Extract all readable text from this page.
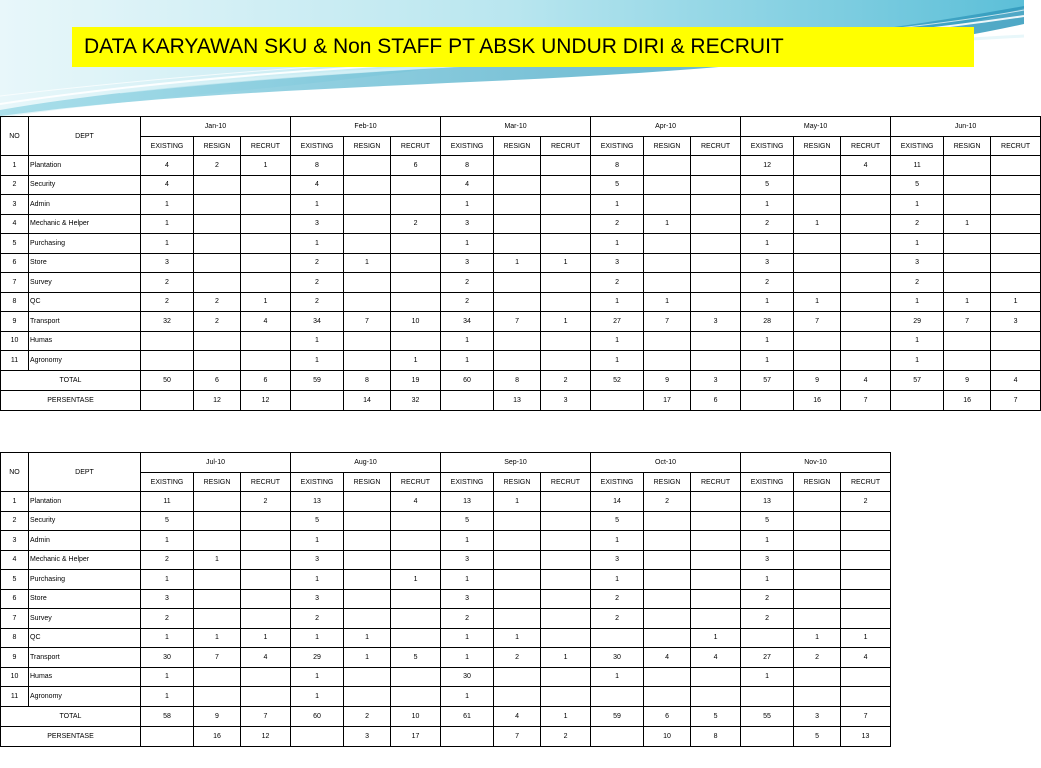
DATA KARYAWAN SKU & Non STAFF PT ABSK UNDUR DIRI & RECRUIT
NO	DEPT	Jan-10			Feb-10			Mar-10			Apr-10			May-10			Jun-10		
		EXISTING	RESIGN	RECRUT	EXISTING	RESIGN	RECRUT	EXISTING	RESIGN	RECRUT	EXISTING	RESIGN	RECRUT	EXISTING	RESIGN	RECRUT	EXISTING	RESIGN	RECRUT
1	Plantation	4	2	1	8		6	8			8			12		4	11		
2	Security	4			4			4			5			5			5		
3	Admin	1			1			1			1			1			1		
4	Mechanic & Helper	1			3		2	3			2	1		2	1		2	1	
5	Purchasing	1			1			1			1			1			1		
6	Store	3			2	1		3	1	1	3			3			3		
7	Survey	2			2			2			2			2			2		
8	QC	2	2	1	2			2			1	1		1	1		1	1	1
9	Transport	32	2	4	34	7	10	34	7	1	27	7	3	28	7		29	7	3
10	Humas				1			1			1			1			1		
11	Agronomy				1		1	1			1			1			1		
TOTAL		50	6	6	59	8	19	60	8	2	52	9	3	57	9	4	57	9	4
PERSENTASE			12	12		14	32		13	3		17	6		16	7		16	7
NO	DEPT	Jul-10			Aug-10			Sep-10			Oct-10			Nov-10		
		EXISTING	RESIGN	RECRUT	EXISTING	RESIGN	RECRUT	EXISTING	RESIGN	RECRUT	EXISTING	RESIGN	RECRUT	EXISTING	RESIGN	RECRUT
1	Plantation	11		2	13		4	13	1		14	2		13		2
2	Security	5			5			5			5			5		
3	Admin	1			1			1			1			1		
4	Mechanic & Helper	2	1		3			3			3			3		
5	Purchasing	1			1		1	1			1			1		
6	Store	3			3			3			2			2		
7	Survey	2			2			2			2			2		
8	QC	1	1	1	1	1		1	1				1		1	1
9	Transport	30	7	4	29	1	5	1	2	1	30	4	4	27	2	4
10	Humas	1			1			30			1			1		
11	Agronomy	1			1			1								
TOTAL		58	9	7	60	2	10	61	4	1	59	6	5	55	3	7
PERSENTASE			16	12		3	17		7	2		10	8		5	13
